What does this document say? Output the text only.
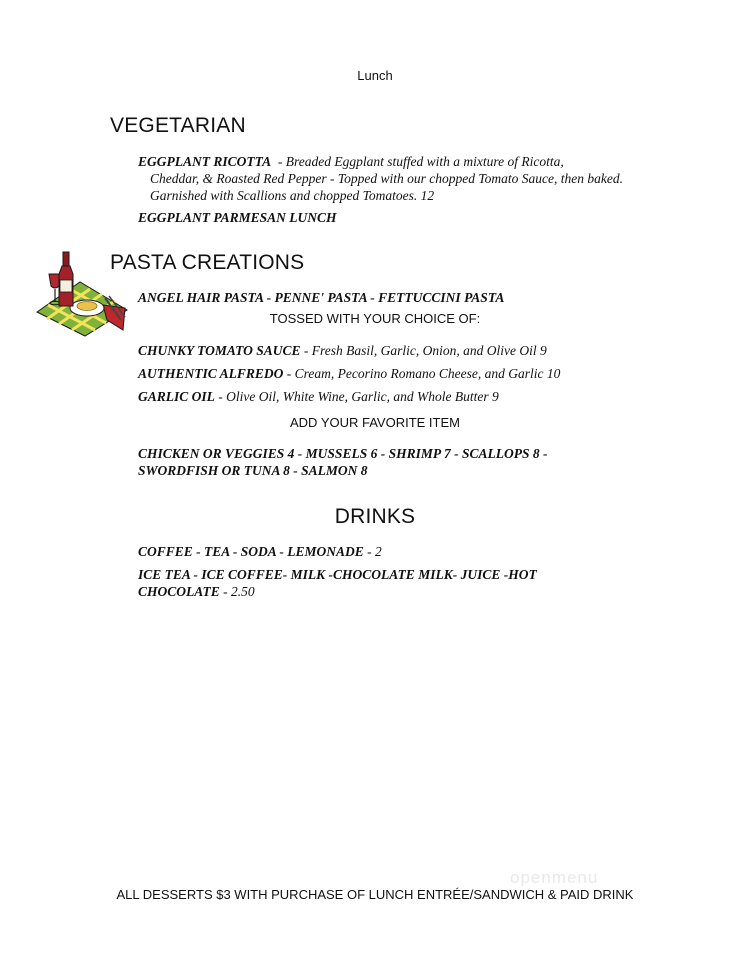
Lunch
VEGETARIAN
EGGPLANT RICOTTA - Breaded Eggplant stuffed with a mixture of Ricotta,
Cheddar, & Roasted Red Pepper - Topped with our chopped Tomato Sauce, then baked.
Garnished with Scallions and chopped Tomatoes. 12
EGGPLANT PARMESAN LUNCH
PASTA CREATIONS
ANGEL HAIR PASTA - PENNE' PASTA - FETTUCCINI PASTA
TOSSED WITH YOUR CHOICE OF:
CHUNKY TOMATO SAUCE - Fresh Basil, Garlic, Onion, and Olive Oil 9
AUTHENTIC ALFREDO - Cream, Pecorino Romano Cheese, and Garlic 10
GARLIC OIL - Olive Oil, White Wine, Garlic, and Whole Butter 9
ADD YOUR FAVORITE ITEM
CHICKEN OR VEGGIES 4 - MUSSELS 6 - SHRIMP 7 - SCALLOPS 8 -
SWORDFISH OR TUNA 8 - SALMON 8
DRINKS
COFFEE - TEA - SODA - LEMONADE - 2
ICE TEA - ICE COFFEE- MILK -CHOCOLATE MILK- JUICE -HOT
CHOCOLATE - 2.50
openmenu
ALL DESSERTS $3 WITH PURCHASE OF LUNCH ENTRÉE/SANDWICH & PAID DRINK
